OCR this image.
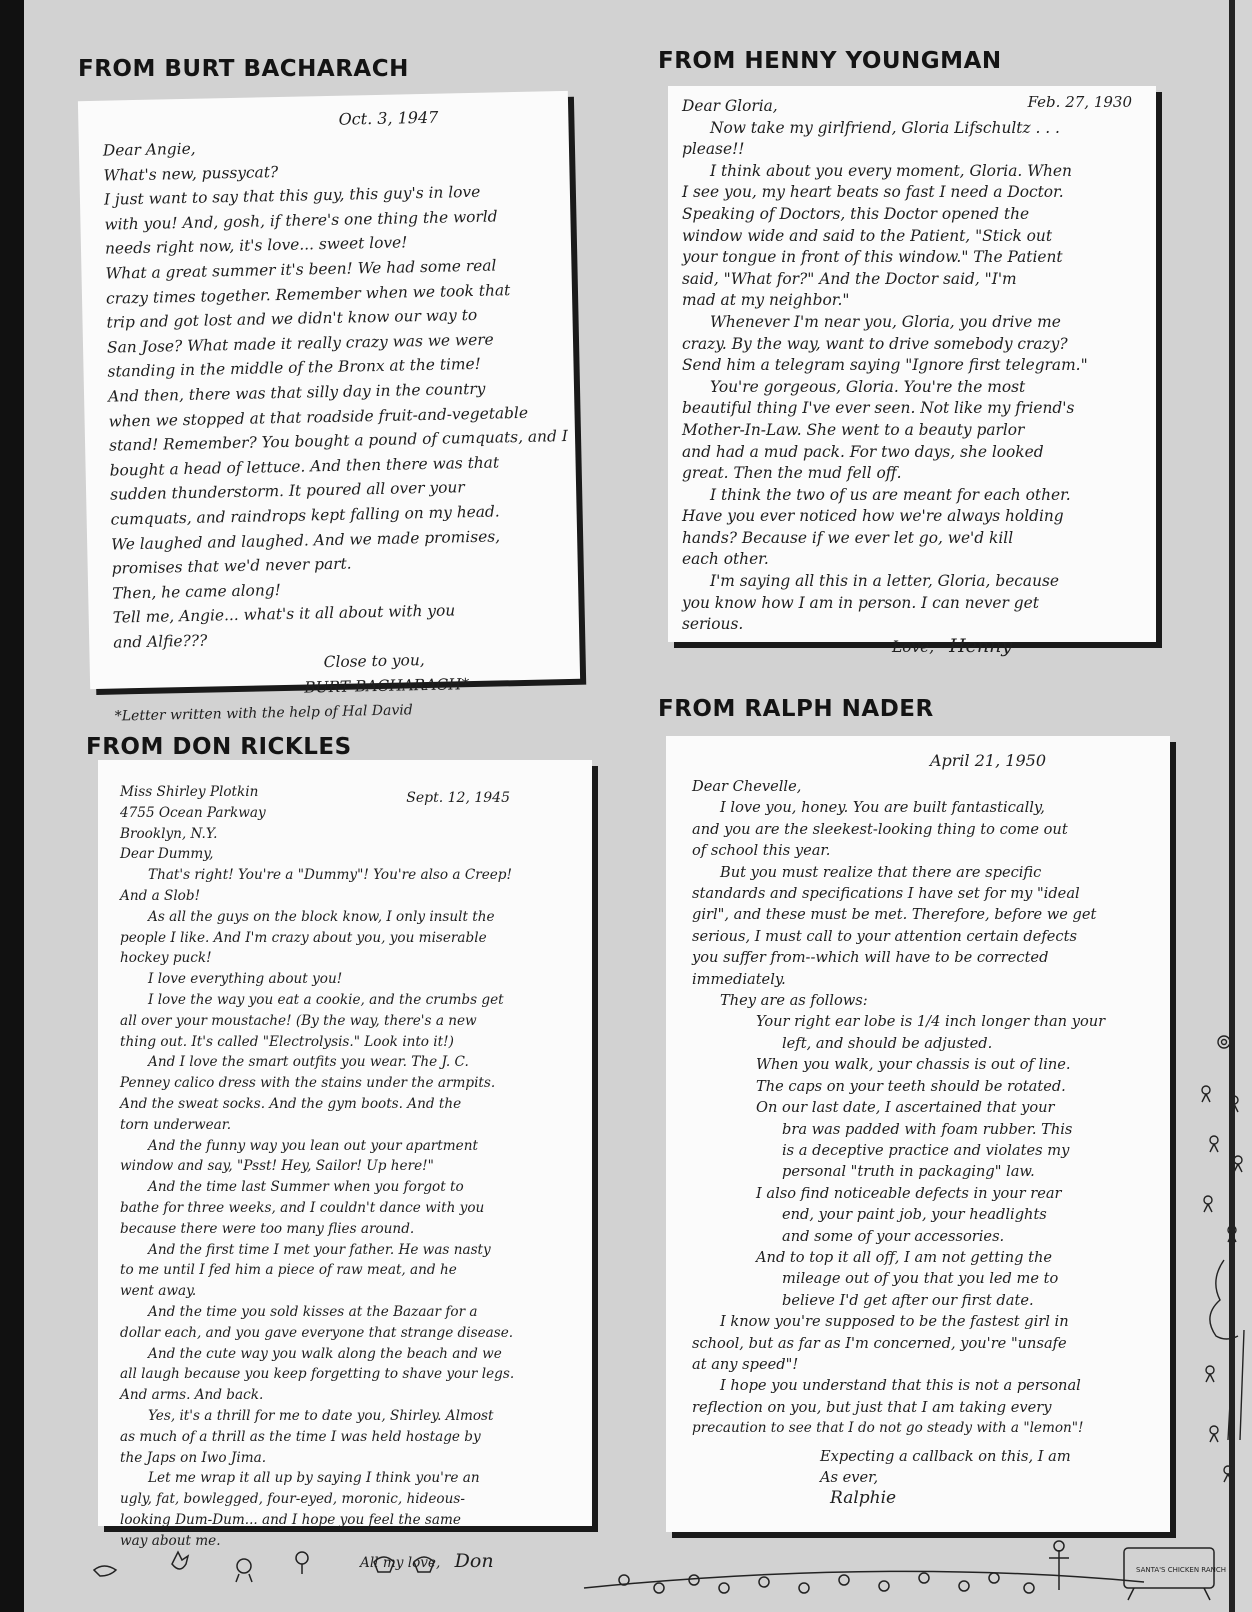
FROM BURT BACHARACH	FROM HENNY YOUNGMAN
FROM DON RICKLES
FROM RALPH NADER
Oct. 3, 1947
Dear Angie,
What's new, pussycat?
I just want to say that this guy, this guy's in love
with you! And, gosh, if there's one thing the world
needs right now, it's love... sweet love!
What a great summer it's been! We had some real
crazy times together. Remember when we took that
trip and got lost and we didn't know our way to
San Jose? What made it really crazy was we were
standing in the middle of the Bronx at the time!
And then, there was that silly day in the country
when we stopped at that roadside fruit-and-vegetable
stand! Remember? You bought a pound of cumquats, and I
bought a head of lettuce. And then there was that
sudden thunderstorm. It poured all over your
cumquats, and raindrops kept falling on my head.
We laughed and laughed. And we made promises,
promises that we'd never part.
Then, he came along!
Tell me, Angie... what's it all about with you
and Alfie???
Close to you,
BURT BACHARACH*
*Letter written with the help of Hal David
Feb. 27, 1930
Dear Gloria,
Now take my girlfriend, Gloria Lifschultz . . .
please!!
I think about you every moment, Gloria. When
I see you, my heart beats so fast I need a Doctor.
Speaking of Doctors, this Doctor opened the
window wide and said to the Patient, "Stick out
your tongue in front of this window." The Patient
said, "What for?" And the Doctor said, "I'm
mad at my neighbor."
Whenever I'm near you, Gloria, you drive me
crazy. By the way, want to drive somebody crazy?
Send him a telegram saying "Ignore first telegram."
You're gorgeous, Gloria. You're the most
beautiful thing I've ever seen. Not like my friend's
Mother-In-Law. She went to a beauty parlor
and had a mud pack. For two days, she looked
great. Then the mud fell off.
I think the two of us are meant for each other.
Have you ever noticed how we're always holding
hands? Because if we ever let go, we'd kill
each other.
I'm saying all this in a letter, Gloria, because
you know how I am in person. I can never get
serious.
Love, Henny
Sept. 12, 1945
Miss Shirley Plotkin
4755 Ocean Parkway
Brooklyn, N.Y.
Dear Dummy,
That's right! You're a "Dummy"! You're also a Creep!
And a Slob!
As all the guys on the block know, I only insult the
people I like. And I'm crazy about you, you miserable
hockey puck!
I love everything about you!
I love the way you eat a cookie, and the crumbs get
all over your moustache! (By the way, there's a new
thing out. It's called "Electrolysis." Look into it!)
And I love the smart outfits you wear. The J. C.
Penney calico dress with the stains under the armpits.
And the sweat socks. And the gym boots. And the
torn underwear.
And the funny way you lean out your apartment
window and say, "Psst! Hey, Sailor! Up here!"
And the time last Summer when you forgot to
bathe for three weeks, and I couldn't dance with you
because there were too many flies around.
And the first time I met your father. He was nasty
to me until I fed him a piece of raw meat, and he
went away.
And the time you sold kisses at the Bazaar for a
dollar each, and you gave everyone that strange disease.
And the cute way you walk along the beach and we
all laugh because you keep forgetting to shave your legs.
And arms. And back.
Yes, it's a thrill for me to date you, Shirley. Almost
as much of a thrill as the time I was held hostage by
the Japs on Iwo Jima.
Let me wrap it all up by saying I think you're an
ugly, fat, bowlegged, four-eyed, moronic, hideous-
looking Dum-Dum... and I hope you feel the same
way about me.
All my love, Don
April 21, 1950
Dear Chevelle,
I love you, honey. You are built fantastically,
and you are the sleekest-looking thing to come out
of school this year.
But you must realize that there are specific
standards and specifications I have set for my "ideal
girl", and these must be met. Therefore, before we get
serious, I must call to your attention certain defects
you suffer from--which will have to be corrected
immediately.
They are as follows:
Your right ear lobe is 1/4 inch longer than your
left, and should be adjusted.
When you walk, your chassis is out of line.
The caps on your teeth should be rotated.
On our last date, I ascertained that your
bra was padded with foam rubber. This
is a deceptive practice and violates my
personal "truth in packaging" law.
I also find noticeable defects in your rear
end, your paint job, your headlights
and some of your accessories.
And to top it all off, I am not getting the
mileage out of you that you led me to
believe I'd get after our first date.
I know you're supposed to be the fastest girl in
school, but as far as I'm concerned, you're "unsafe
at any speed"!
I hope you understand that this is not a personal
reflection on you, but just that I am taking every
precaution to see that I do not go steady with a "lemon"!
Expecting a callback on this, I am
As ever,
Ralphie
SANTA'S CHICKEN RANCH
